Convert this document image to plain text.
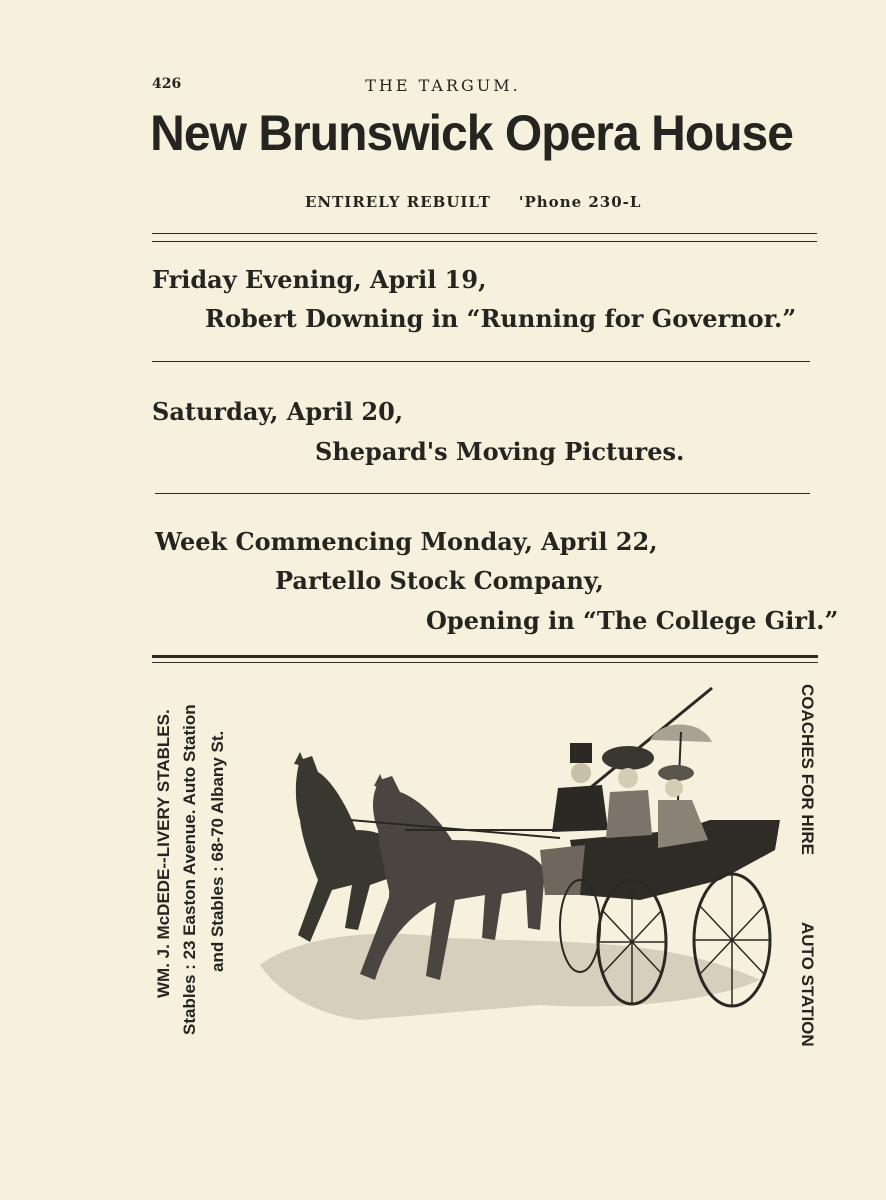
426	THE TARGUM.
New Brunswick Opera House
ENTIRELY REBUILT 'Phone 230-L
Friday Evening, April 19,
Robert Downing in “Running for Governor.”
Saturday, April 20,
Shepard's Moving Pictures.
Week Commencing Monday, April 22,
Partello Stock Company,
Opening in “The College Girl.”
WM. J. McDEDE--LIVERY STABLES. Stables : 23 Easton Avenue. Auto Station and Stables : 68-70 Albany St.	COACHES FOR HIRE
AUTO STATION
